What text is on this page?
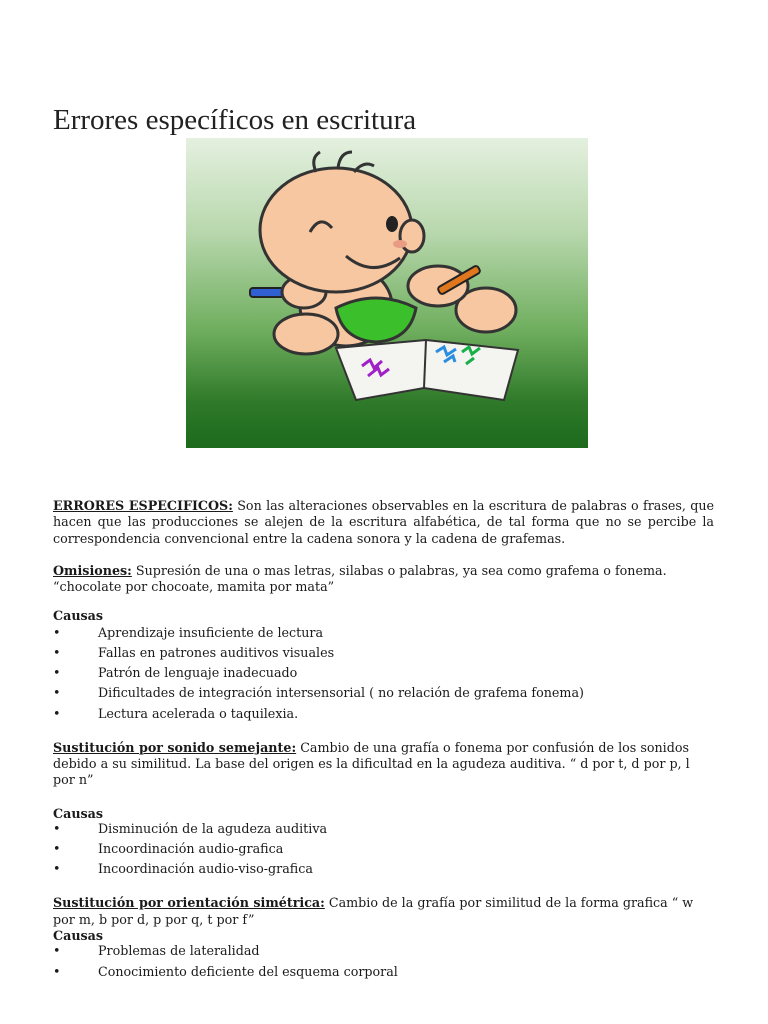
Errores específicos en escritura

ERRORES ESPECIFICOS: Son las alteraciones observables en la escritura de palabras o frases, que hacen que las producciones se alejen de la escritura alfabética, de tal forma que no se percibe la correspondencia convencional entre la cadena sonora y la cadena de grafemas.

Omisiones: Supresión de una o mas letras, silabas o palabras, ya sea como grafema o fonema. “chocolate por chocoate, mamita por mata”

Causas

•	Aprendizaje insuficiente de lectura
•	Fallas en patrones auditivos visuales
•	Patrón de lenguaje inadecuado
•	Dificultades de integración intersensorial ( no relación de grafema fonema)
•	Lectura acelerada o taquilexia.

Sustitución por sonido semejante: Cambio de una grafía o fonema por confusión de los sonidos debido a su similitud. La base del origen es la dificultad en la agudeza auditiva. “ d por t, d por p, l por n”

Causas

•	Disminución de la agudeza auditiva
•	Incoordinación audio-grafica
•	Incoordinación audio-viso-grafica

Sustitución por orientación simétrica: Cambio de la grafía por similitud de la forma grafica “ w por m, b por d, p por q, t por f”

Causas

•	Problemas de lateralidad
•	Conocimiento deficiente del esquema corporal
